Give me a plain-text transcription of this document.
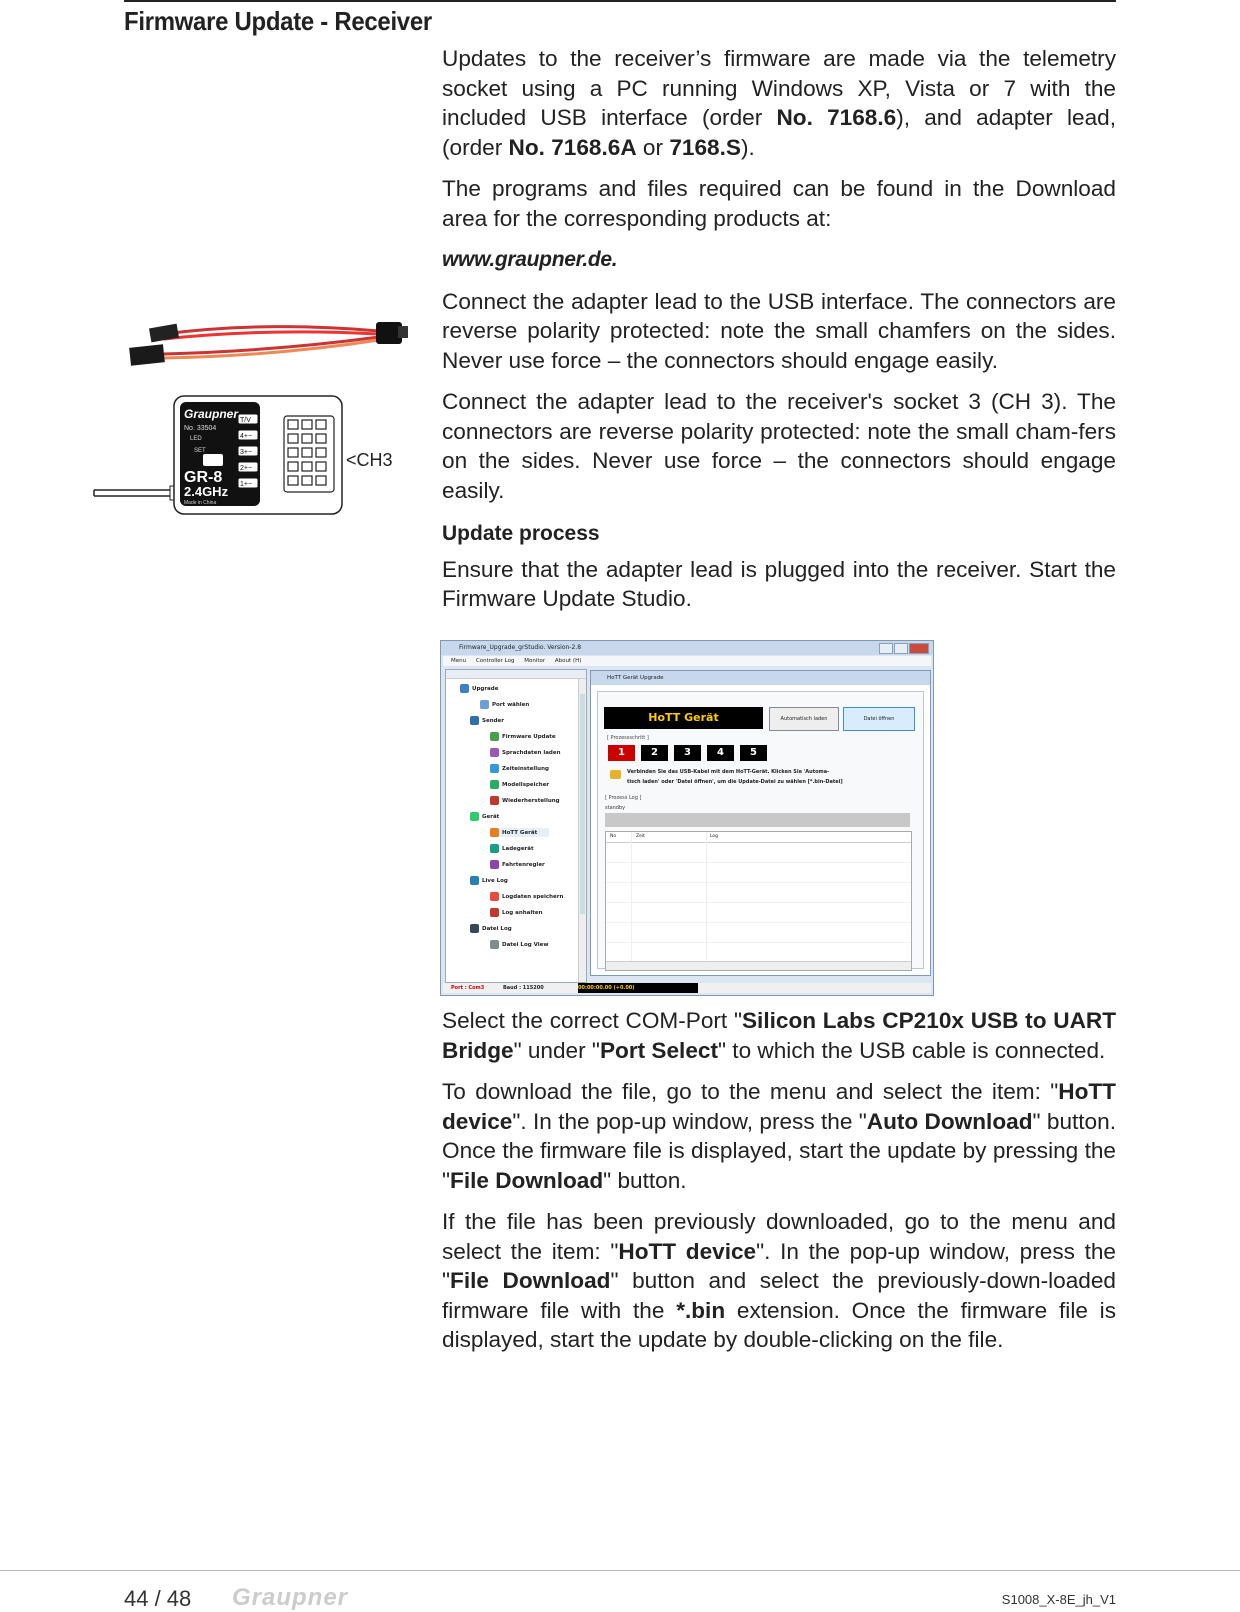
Firmware Update - Receiver
Graupner
No. 33504
LED
SET
GR-8
2.4GHz
Made in China
T/V
4+−
3+−
2+−
1+−
<CH3

Updates to the receiver’s firmware are made via the telemetry socket using a PC running Windows XP, Vista or 7 with the included USB interface (order No. 7168.6), and adapter lead, (order No. 7168.6A or 7168.S).

The programs and files required can be found in the Download area for the corresponding products at:

www.graupner.de.

Connect the adapter lead to the USB interface. The connectors are reverse polarity protected: note the small chamfers on the sides. Never use force – the connectors should engage easily.

Connect the adapter lead to the receiver's socket 3 (CH 3). The connectors are reverse polarity protected: note the small cham-fers on the sides. Never use force – the connectors should engage easily.

Update process

Ensure that the adapter lead is plugged into the receiver. Start the Firmware Update Studio.

Firmware_Upgrade_grStudio. Version-2.8
Menu Controller Log Monitor About (H)
Upgrade
Port wählen
Sender
Firmware Update
Sprachdaten laden
Zeiteinstellung
Modellspeicher
Wiederherstellung
Gerät
HoTT Gerät
Ladegerät
Fahrtenregler
Live Log
Logdaten speichern
Log anhalten
Datei Log
Datei Log View
HoTT Gerät Upgrade
HoTT Gerät	Automatisch laden	Datei öffnen
[ Prozessschritt ]
1	2	3	4	5
Verbinden Sie das USB-Kabel mit dem HoTT-Gerät. Klicken Sie 'Automa-
tisch laden' oder 'Datei öffnen', um die Update-Datei zu wählen [*.bin-Datei]
[ Prozess Log ]
standby
No	Zeit	Log
Port : Com3	Baud : 115200	00:00:00.00 (+0.00)

Select the correct COM-Port "Silicon Labs CP210x USB to UART Bridge" under "Port Select" to which the USB cable is connected.

To download the file, go to the menu and select the item: "HoTT device". In the pop-up window, press the "Auto Download" button. Once the firmware file is displayed, start the update by pressing the "File Download" button.

If the file has been previously downloaded, go to the menu and select the item: "HoTT device". In the pop-up window, press the "File Download" button and select the previously-down-loaded firmware file with the *.bin extension. Once the firmware file is displayed, start the update by double-clicking on the file.

44 / 48 Graupner	S1008_X-8E_jh_V1
